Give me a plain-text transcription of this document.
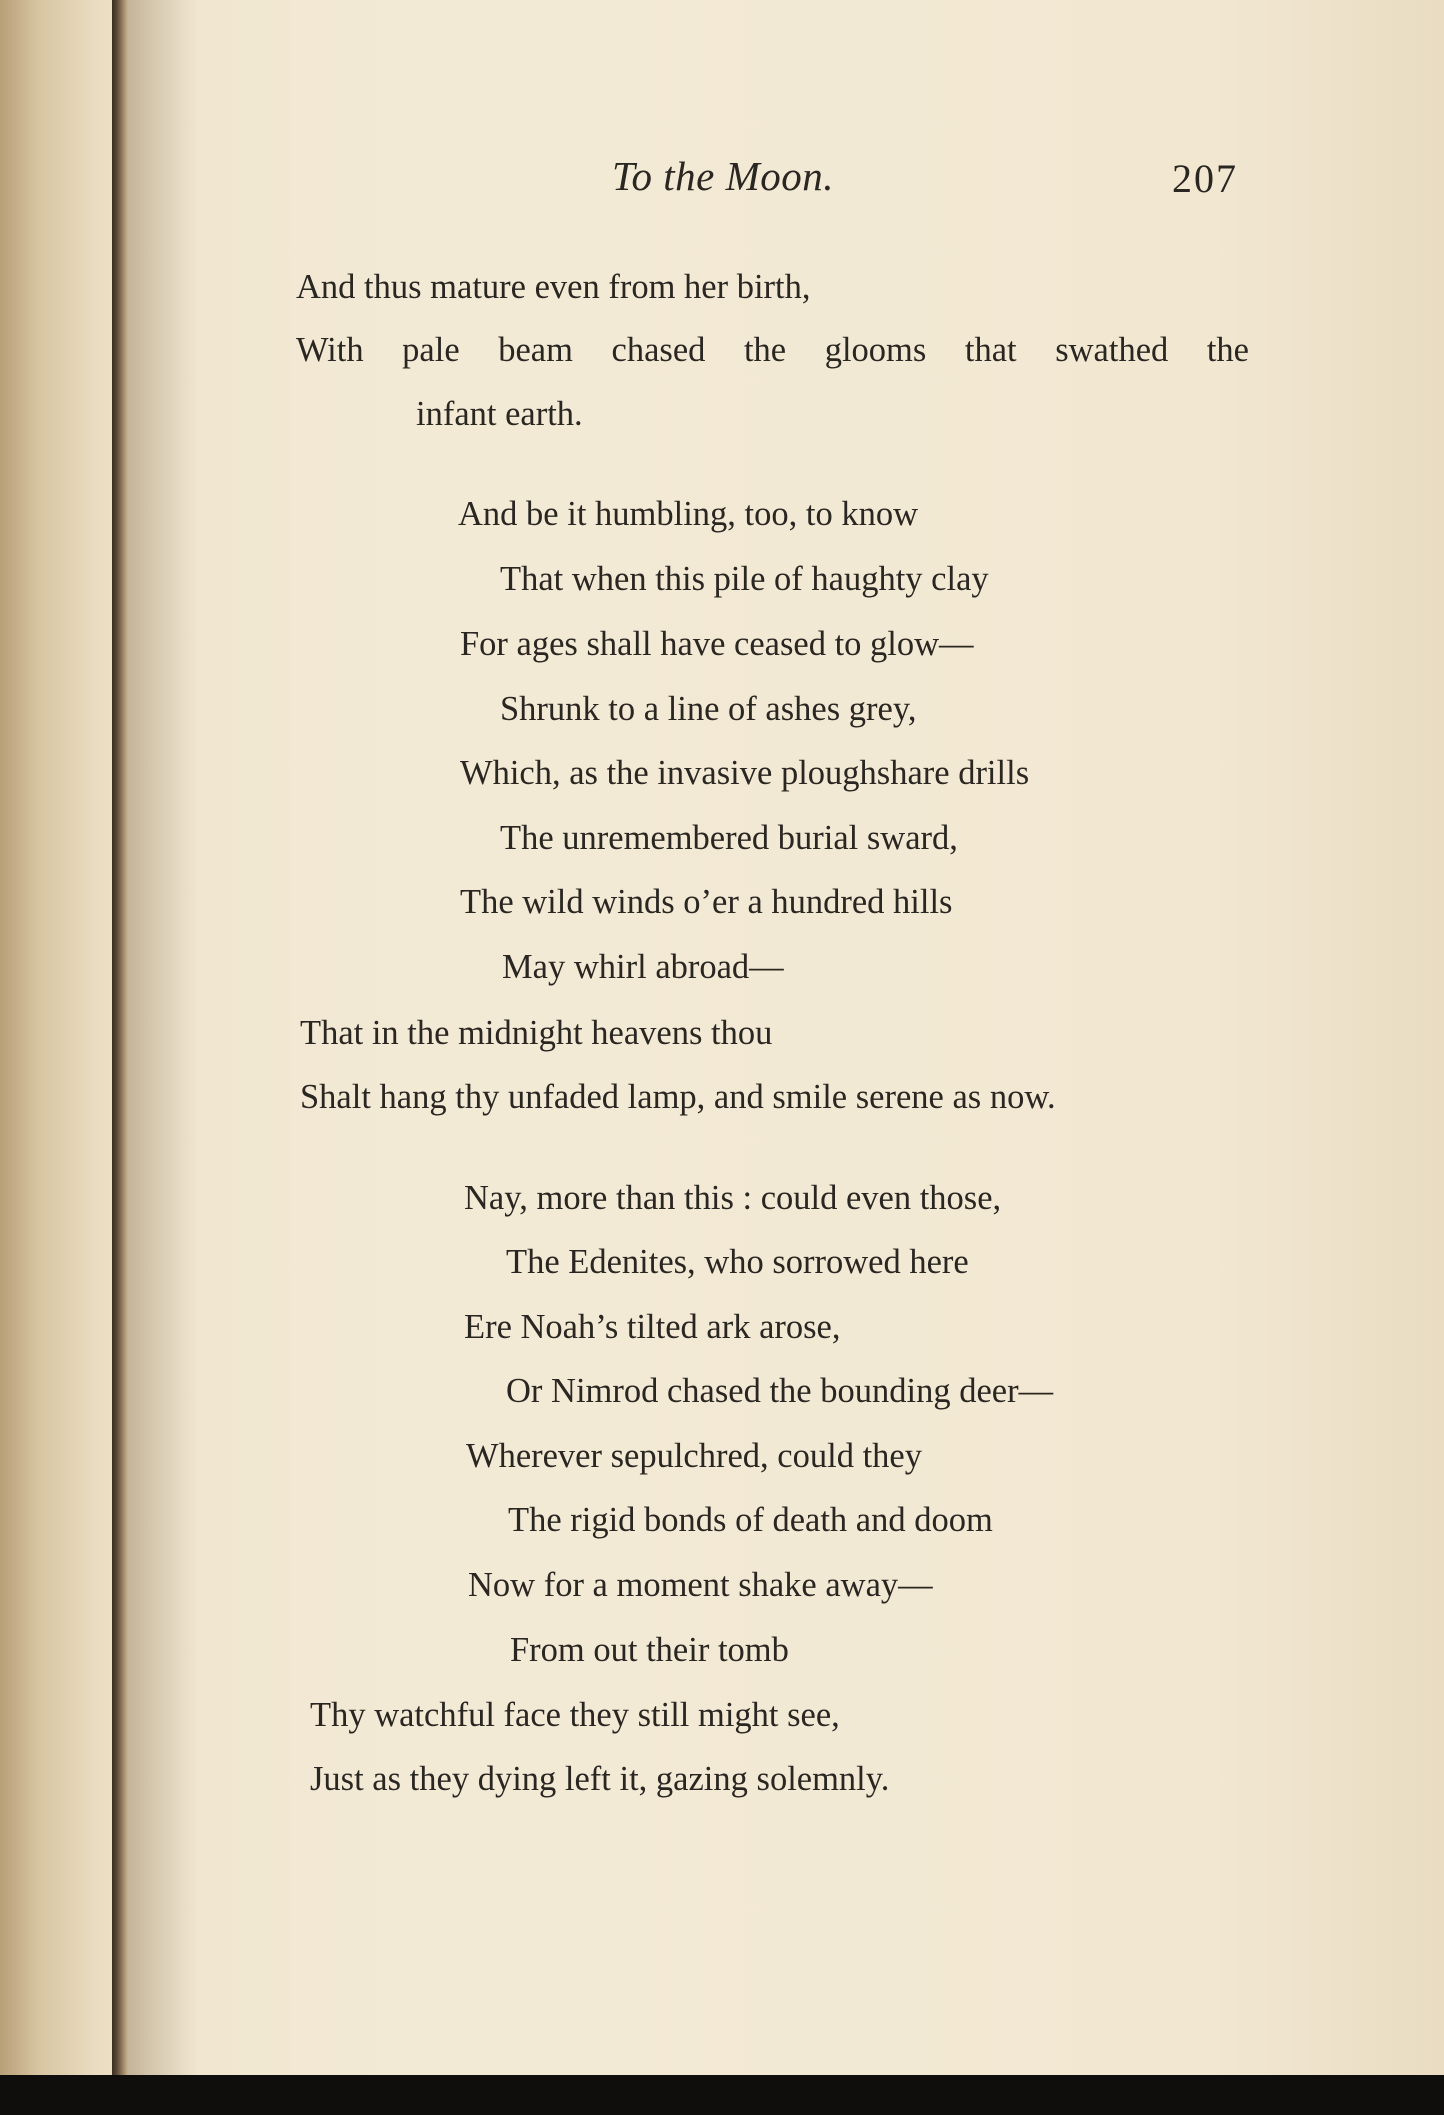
To the Moon.	207
And thus mature even from her birth,
With pale beam chased the glooms that swathed the
infant earth.
And be it humbling, too, to know
That when this pile of haughty clay
For ages shall have ceased to glow—
Shrunk to a line of ashes grey,
Which, as the invasive ploughshare drills
The unremembered burial sward,
The wild winds o’er a hundred hills
May whirl abroad—
That in the midnight heavens thou
Shalt hang thy unfaded lamp, and smile serene as now.
Nay, more than this : could even those,
The Edenites, who sorrowed here
Ere Noah’s tilted ark arose,
Or Nimrod chased the bounding deer—
Wherever sepulchred, could they
The rigid bonds of death and doom
Now for a moment shake away—
From out their tomb
Thy watchful face they still might see,
Just as they dying left it, gazing solemnly.
